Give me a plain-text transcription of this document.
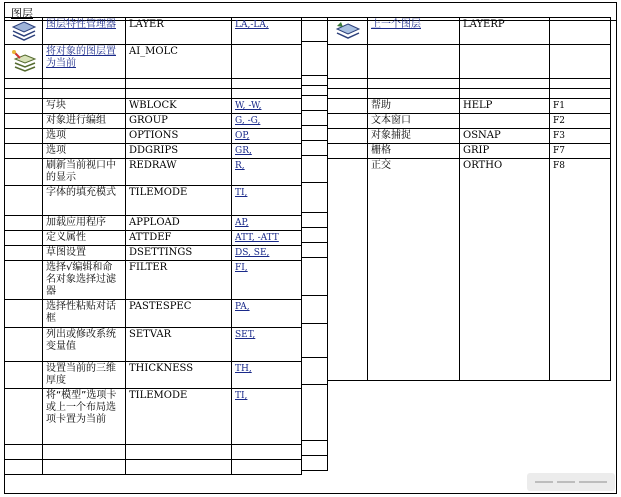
图层
	图层特性管理器	LAYER	LA,-LA,

	将对象的图层置为当前	AI_MOLC	

	写块	WBLOCK	W, -W,
	对象进行编组	GROUP	G, -G,
	选项	OPTIONS	OP,
	选项	DDGRIPS	GR,
	刷新当前视口中的显示	REDRAW	R,
	字体的填充模式	TILEMODE	TI,
	加载应用程序	APPLOAD	AP,
	定义属性	ATTDEF	ATT, -ATT
	草图设置	DSETTINGS	DS, SE,
	选择√编辑和命名对象选择过滤器	FILTER	FI,
	选择性粘贴对话框	PASTESPEC	PA,
	列出或修改系统变量值	SETVAR	SET,
	设置当前的三维厚度	THICKNESS	TH,
	将“模型”选项卡或上一个布局选项卡置为当前	TILEMODE	TI,

	上一个图层	LAYERP	

	帮助	HELP	F1
	文本窗口		F2
	对象捕捉	OSNAP	F3
	栅格	GRIP	F7
	正交	ORTHO	F8
